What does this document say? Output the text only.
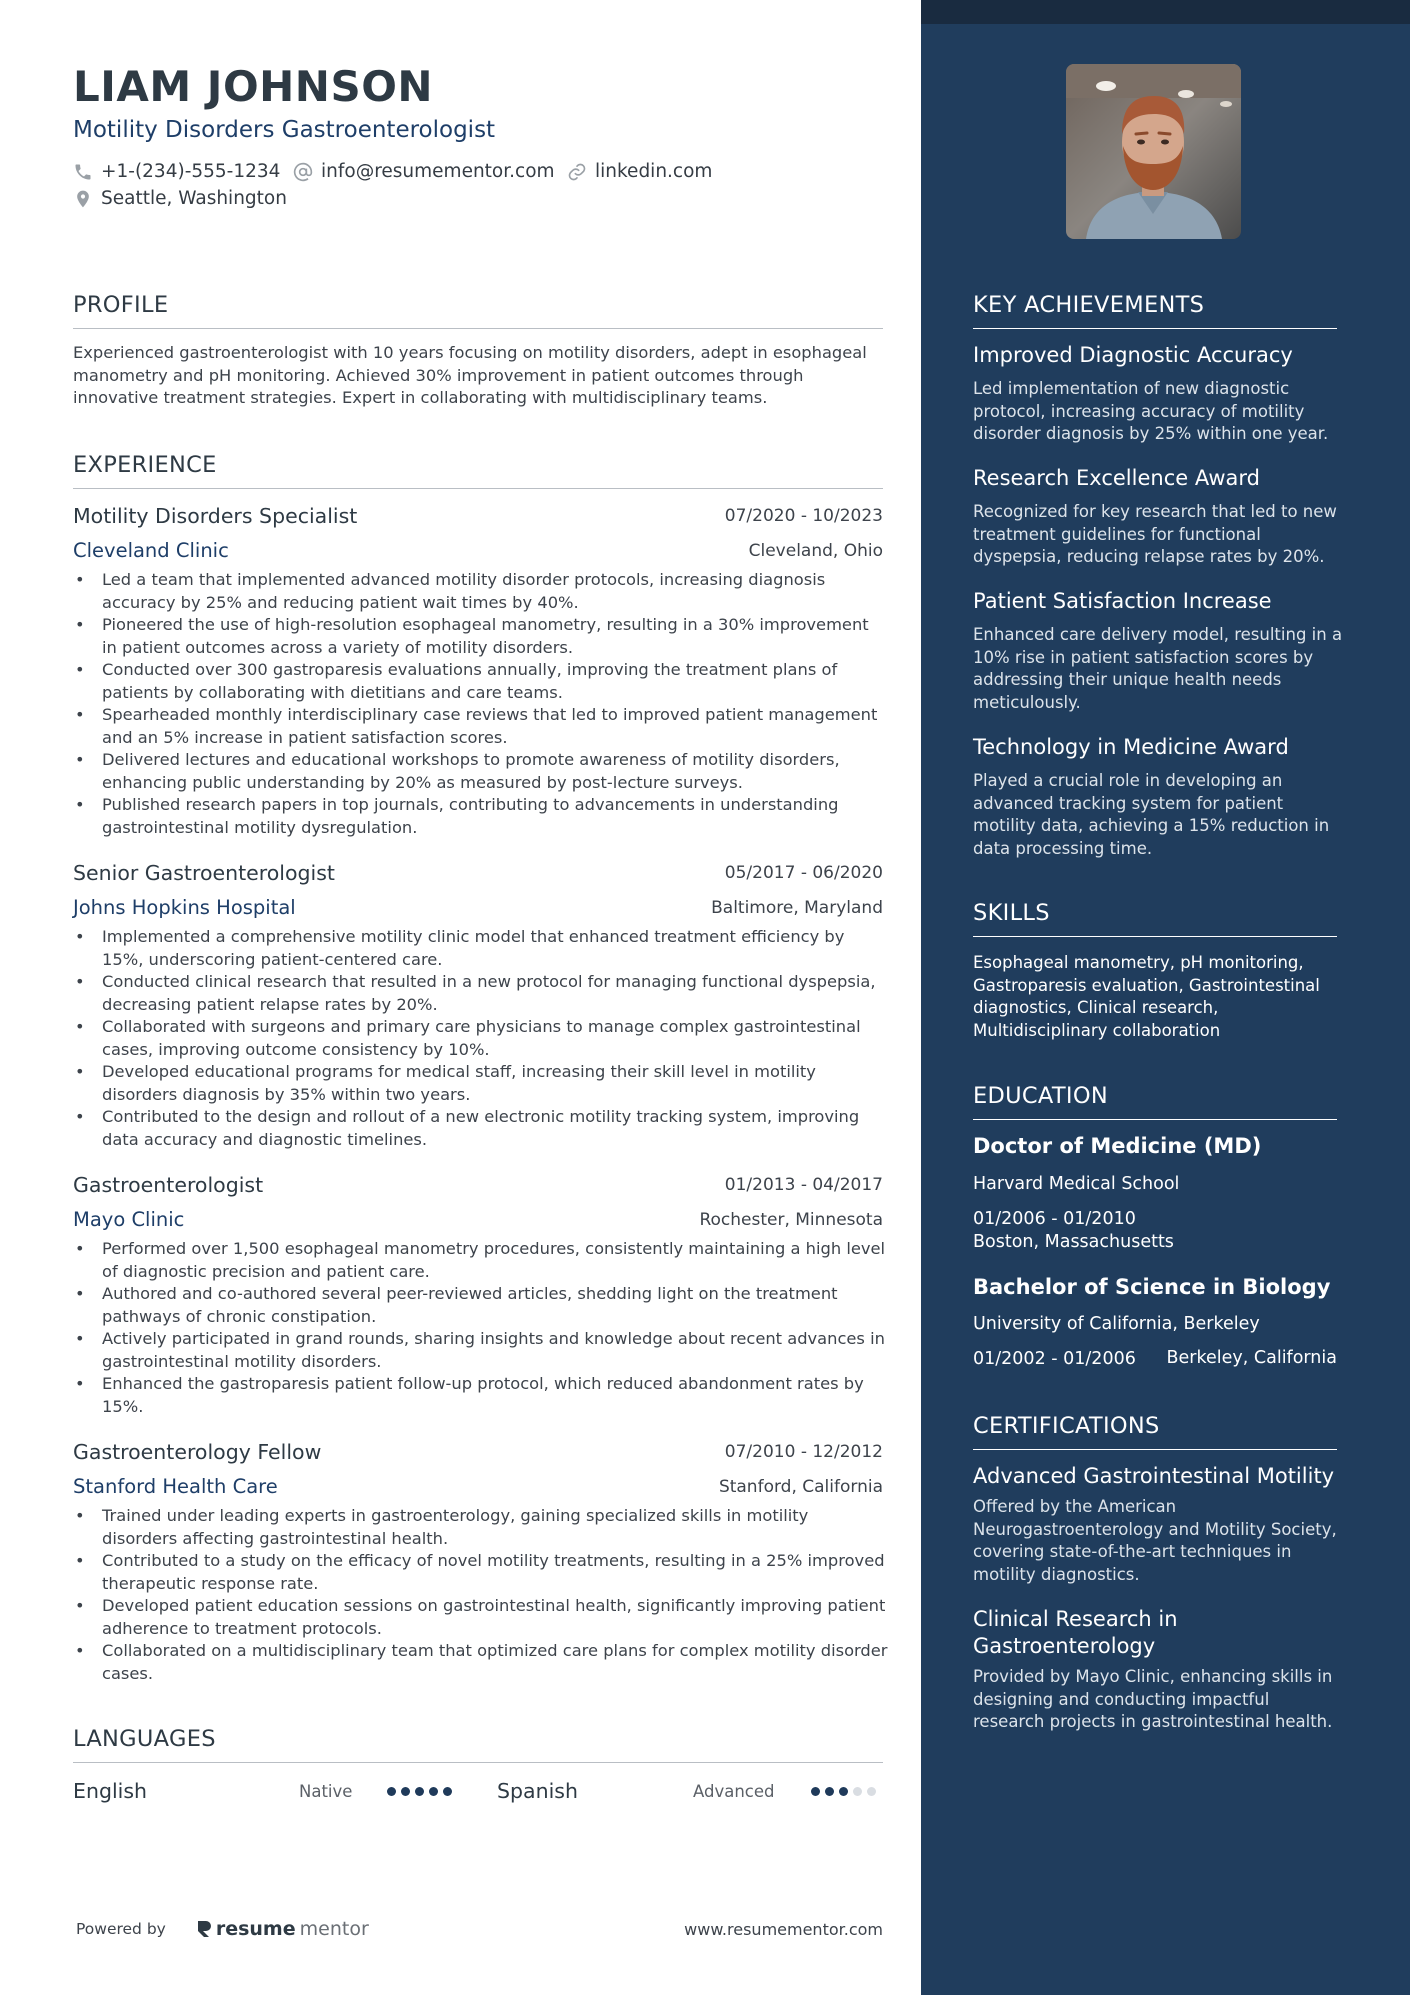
LIAM JOHNSON
Motility Disorders Gastroenterologist
+1-(234)-555-1234 info@resumementor.com linkedin.com
Seattle, Washington
PROFILE
Experienced gastroenterologist with 10 years focusing on motility disorders, adept in esophageal manometry and pH monitoring. Achieved 30% improvement in patient outcomes through innovative treatment strategies. Expert in collaborating with multidisciplinary teams.
EXPERIENCE
Motility Disorders Specialist	07/2020 - 10/2023
Cleveland Clinic	Cleveland, Ohio
• Led a team that implemented advanced motility disorder protocols, increasing diagnosis accuracy by 25% and reducing patient wait times by 40%.
• Pioneered the use of high-resolution esophageal manometry, resulting in a 30% improvement in patient outcomes across a variety of motility disorders.
• Conducted over 300 gastroparesis evaluations annually, improving the treatment plans of patients by collaborating with dietitians and care teams.
• Spearheaded monthly interdisciplinary case reviews that led to improved patient management and an 5% increase in patient satisfaction scores.
• Delivered lectures and educational workshops to promote awareness of motility disorders, enhancing public understanding by 20% as measured by post-lecture surveys.
• Published research papers in top journals, contributing to advancements in understanding gastrointestinal motility dysregulation.
Senior Gastroenterologist	05/2017 - 06/2020
Johns Hopkins Hospital	Baltimore, Maryland
• Implemented a comprehensive motility clinic model that enhanced treatment efficiency by 15%, underscoring patient-centered care.
• Conducted clinical research that resulted in a new protocol for managing functional dyspepsia, decreasing patient relapse rates by 20%.
• Collaborated with surgeons and primary care physicians to manage complex gastrointestinal cases, improving outcome consistency by 10%.
• Developed educational programs for medical staff, increasing their skill level in motility disorders diagnosis by 35% within two years.
• Contributed to the design and rollout of a new electronic motility tracking system, improving data accuracy and diagnostic timelines.
Gastroenterologist	01/2013 - 04/2017
Mayo Clinic	Rochester, Minnesota
• Performed over 1,500 esophageal manometry procedures, consistently maintaining a high level of diagnostic precision and patient care.
• Authored and co-authored several peer-reviewed articles, shedding light on the treatment pathways of chronic constipation.
• Actively participated in grand rounds, sharing insights and knowledge about recent advances in gastrointestinal motility disorders.
• Enhanced the gastroparesis patient follow-up protocol, which reduced abandonment rates by 15%.
Gastroenterology Fellow	07/2010 - 12/2012
Stanford Health Care	Stanford, California
• Trained under leading experts in gastroenterology, gaining specialized skills in motility disorders affecting gastrointestinal health.
• Contributed to a study on the efficacy of novel motility treatments, resulting in a 25% improved therapeutic response rate.
• Developed patient education sessions on gastrointestinal health, significantly improving patient adherence to treatment protocols.
• Collaborated on a multidisciplinary team that optimized care plans for complex motility disorder cases.
LANGUAGES
English	Native	Spanish	Advanced
Powered by	resume mentor	www.resumementor.com
KEY ACHIEVEMENTS
Improved Diagnostic Accuracy
Led implementation of new diagnostic protocol, increasing accuracy of motility disorder diagnosis by 25% within one year.
Research Excellence Award
Recognized for key research that led to new treatment guidelines for functional dyspepsia, reducing relapse rates by 20%.
Patient Satisfaction Increase
Enhanced care delivery model, resulting in a 10% rise in patient satisfaction scores by addressing their unique health needs meticulously.
Technology in Medicine Award
Played a crucial role in developing an advanced tracking system for patient motility data, achieving a 15% reduction in data processing time.
SKILLS
Esophageal manometry, pH monitoring, Gastroparesis evaluation, Gastrointestinal diagnostics, Clinical research, Multidisciplinary collaboration
EDUCATION
Doctor of Medicine (MD)
Harvard Medical School
01/2006 - 01/2010
Boston, Massachusetts
Bachelor of Science in Biology
University of California, Berkeley
01/2002 - 01/2006 Berkeley, California
CERTIFICATIONS
Advanced Gastrointestinal Motility
Offered by the American Neurogastroenterology and Motility Society, covering state-of-the-art techniques in motility diagnostics.
Clinical Research in Gastroenterology
Provided by Mayo Clinic, enhancing skills in designing and conducting impactful research projects in gastrointestinal health.
